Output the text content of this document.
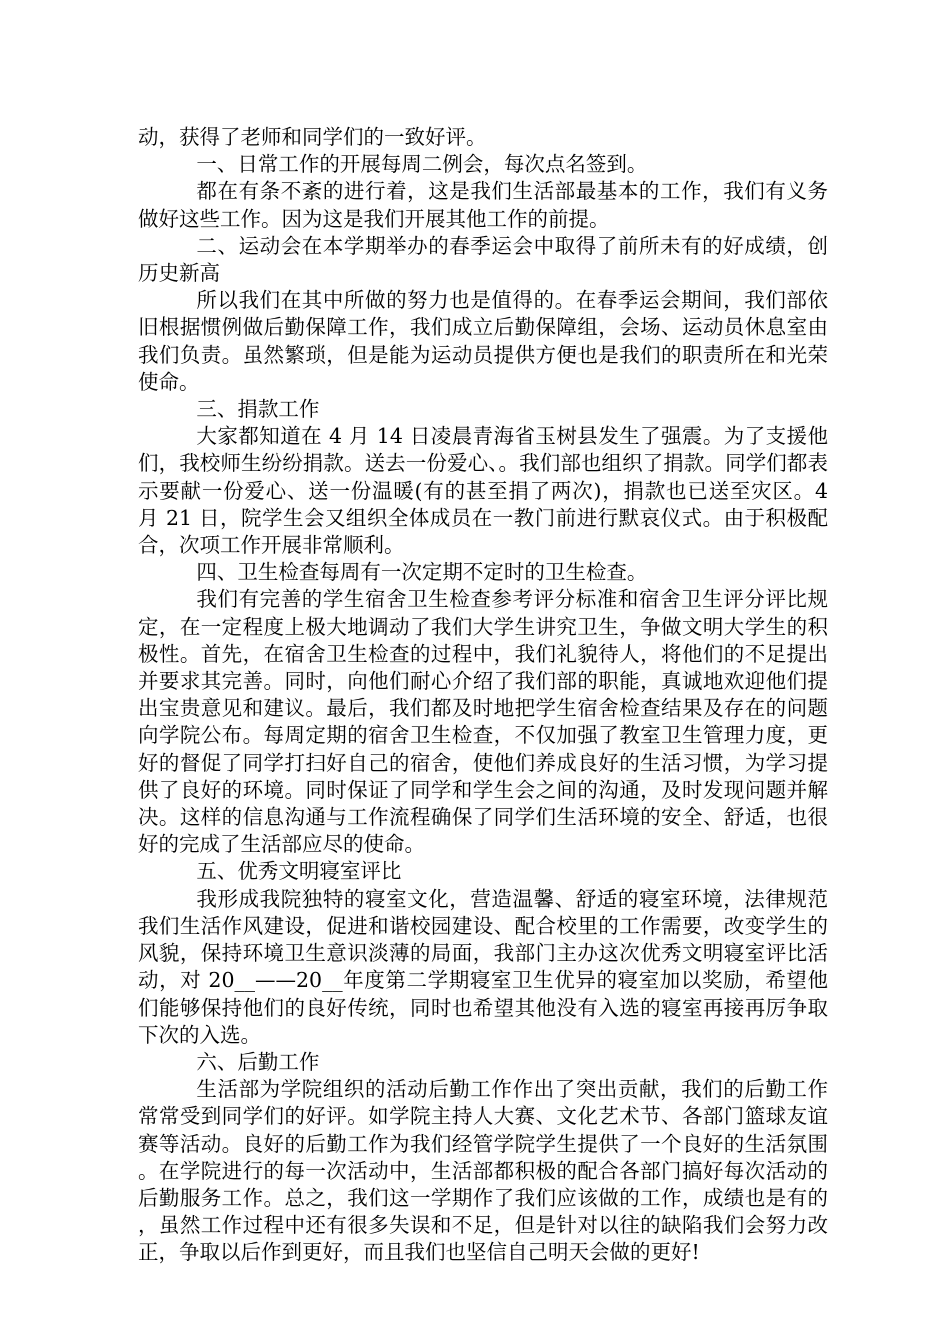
动，获得了老师和同学们的一致好评。

一、日常工作的开展每周二例会，每次点名签到。

都在有条不紊的进行着，这是我们生活部最基本的工作，我们有义务做好这些工作。因为这是我们开展其他工作的前提。

二、运动会在本学期举办的春季运会中取得了前所未有的好成绩，创历史新高

所以我们在其中所做的努力也是值得的。在春季运会期间，我们部依旧根据惯例做后勤保障工作，我们成立后勤保障组，会场、运动员休息室由我们负责。虽然繁琐，但是能为运动员提供方便也是我们的职责所在和光荣使命。

三、捐款工作

大家都知道在 4 月 14 日凌晨青海省玉树县发生了强震。为了支援他们，我校师生纷纷捐款。送去一份爱心、。我们部也组织了捐款。同学们都表示要献一份爱心、送一份温暖(有的甚至捐了两次)，捐款也已送至灾区。4 月 21 日，院学生会又组织全体成员在一教门前进行默哀仪式。由于积极配合，次项工作开展非常顺利。

四、卫生检查每周有一次定期不定时的卫生检查。

我们有完善的学生宿舍卫生检查参考评分标准和宿舍卫生评分评比规定，在一定程度上极大地调动了我们大学生讲究卫生，争做文明大学生的积极性。首先，在宿舍卫生检查的过程中，我们礼貌待人，将他们的不足提出并要求其完善。同时，向他们耐心介绍了我们部的职能，真诚地欢迎他们提出宝贵意见和建议。最后，我们都及时地把学生宿舍检查结果及存在的问题向学院公布。每周定期的宿舍卫生检查，不仅加强了教室卫生管理力度，更好的督促了同学打扫好自己的宿舍，使他们养成良好的生活习惯，为学习提供了良好的环境。同时保证了同学和学生会之间的沟通，及时发现问题并解决。这样的信息沟通与工作流程确保了同学们生活环境的安全、舒适，也很好的完成了生活部应尽的使命。

五、优秀文明寝室评比

我形成我院独特的寝室文化，营造温馨、舒适的寝室环境，法律规范我们生活作风建设，促进和谐校园建设、配合校里的工作需要，改变学生的风貌，保持环境卫生意识淡薄的局面，我部门主办这次优秀文明寝室评比活动，对 20__——20__年度第二学期寝室卫生优异的寝室加以奖励，希望他们能够保持他们的良好传统，同时也希望其他没有入选的寝室再接再厉争取下次的入选。

六、后勤工作

生活部为学院组织的活动后勤工作作出了突出贡献，我们的后勤工作常常受到同学们的好评。如学院主持人大赛、文化艺术节、各部门篮球友谊赛等活动。良好的后勤工作为我们经管学院学生提供了一个良好的生活氛围。在学院进行的每一次活动中，生活部都积极的配合各部门搞好每次活动的后勤服务工作。总之，我们这一学期作了我们应该做的工作，成绩也是有的，虽然工作过程中还有很多失误和不足，但是针对以往的缺陷我们会努力改正，争取以后作到更好，而且我们也坚信自己明天会做的更好!
